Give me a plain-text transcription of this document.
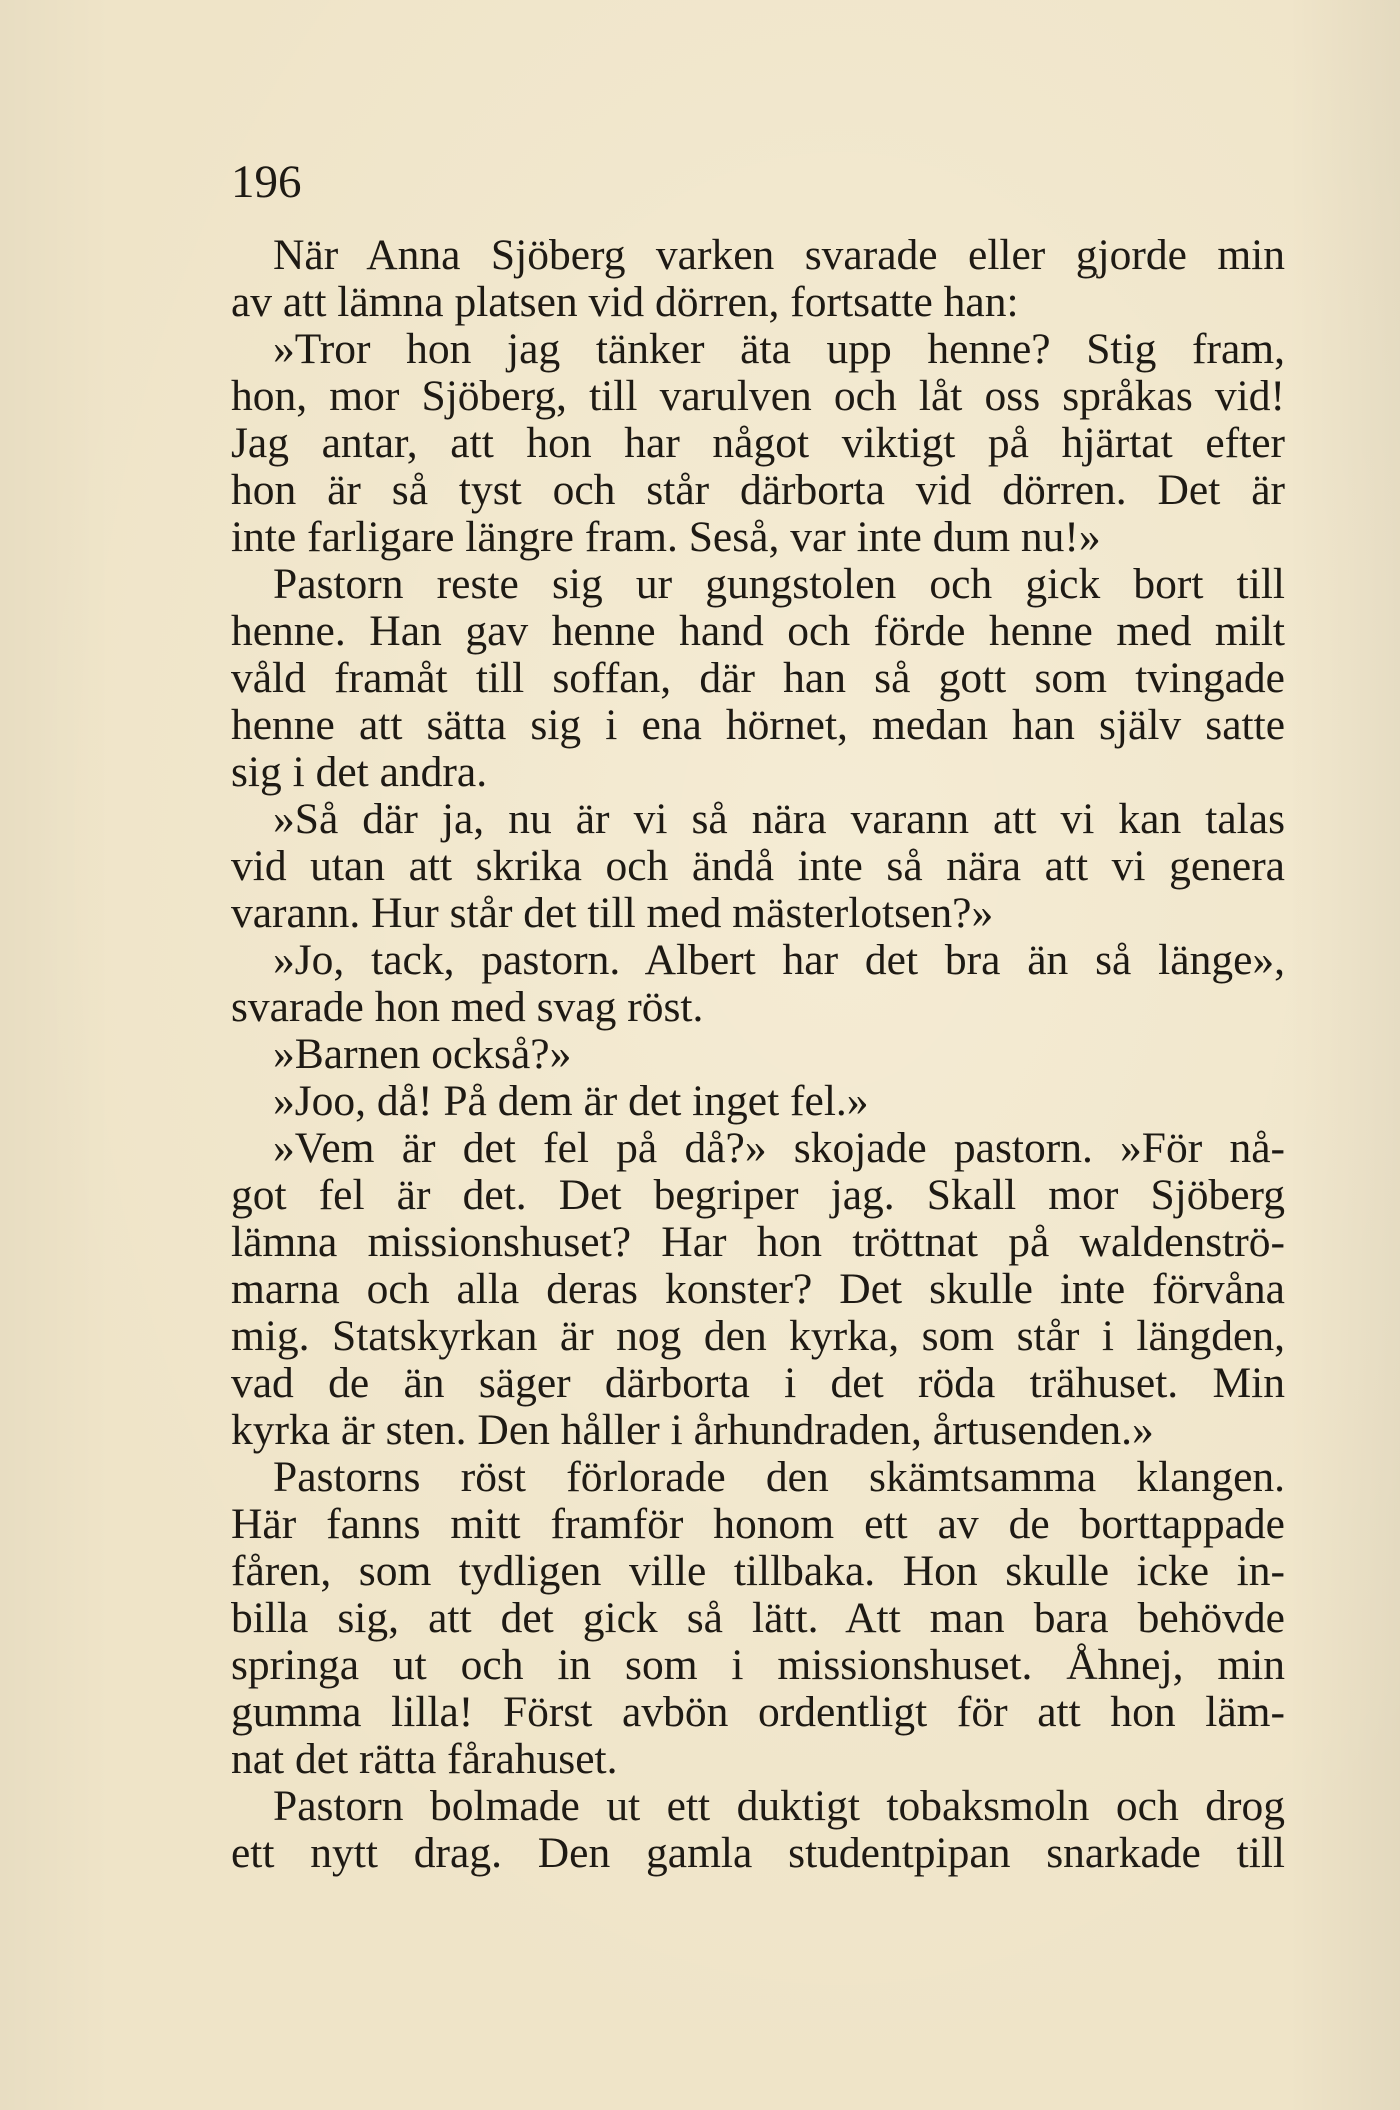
196
När Anna Sjöberg varken svarade eller gjorde min
av att lämna platsen vid dörren, fortsatte han:
»Tror hon jag tänker äta upp henne? Stig fram,
hon, mor Sjöberg, till varulven och låt oss språkas vid!
Jag antar, att hon har något viktigt på hjärtat efter
hon är så tyst och står därborta vid dörren. Det är
inte farligare längre fram. Seså, var inte dum nu!»
Pastorn reste sig ur gungstolen och gick bort till
henne. Han gav henne hand och förde henne med milt
våld framåt till soffan, där han så gott som tvingade
henne att sätta sig i ena hörnet, medan han själv satte
sig i det andra.
»Så där ja, nu är vi så nära varann att vi kan talas
vid utan att skrika och ändå inte så nära att vi genera
varann. Hur står det till med mästerlotsen?»
»Jo, tack, pastorn. Albert har det bra än så länge»,
svarade hon med svag röst.
»Barnen också?»
»Joo, då! På dem är det inget fel.»
»Vem är det fel på då?» skojade pastorn. »För nå-
got fel är det. Det begriper jag. Skall mor Sjöberg
lämna missionshuset? Har hon tröttnat på waldenströ-
marna och alla deras konster? Det skulle inte förvåna
mig. Statskyrkan är nog den kyrka, som står i längden,
vad de än säger därborta i det röda trähuset. Min
kyrka är sten. Den håller i århundraden, årtusenden.»
Pastorns röst förlorade den skämtsamma klangen.
Här fanns mitt framför honom ett av de borttappade
fåren, som tydligen ville tillbaka. Hon skulle icke in-
billa sig, att det gick så lätt. Att man bara behövde
springa ut och in som i missionshuset. Åhnej, min
gumma lilla! Först avbön ordentligt för att hon läm-
nat det rätta fårahuset.
Pastorn bolmade ut ett duktigt tobaksmoln och drog
ett nytt drag. Den gamla studentpipan snarkade till
